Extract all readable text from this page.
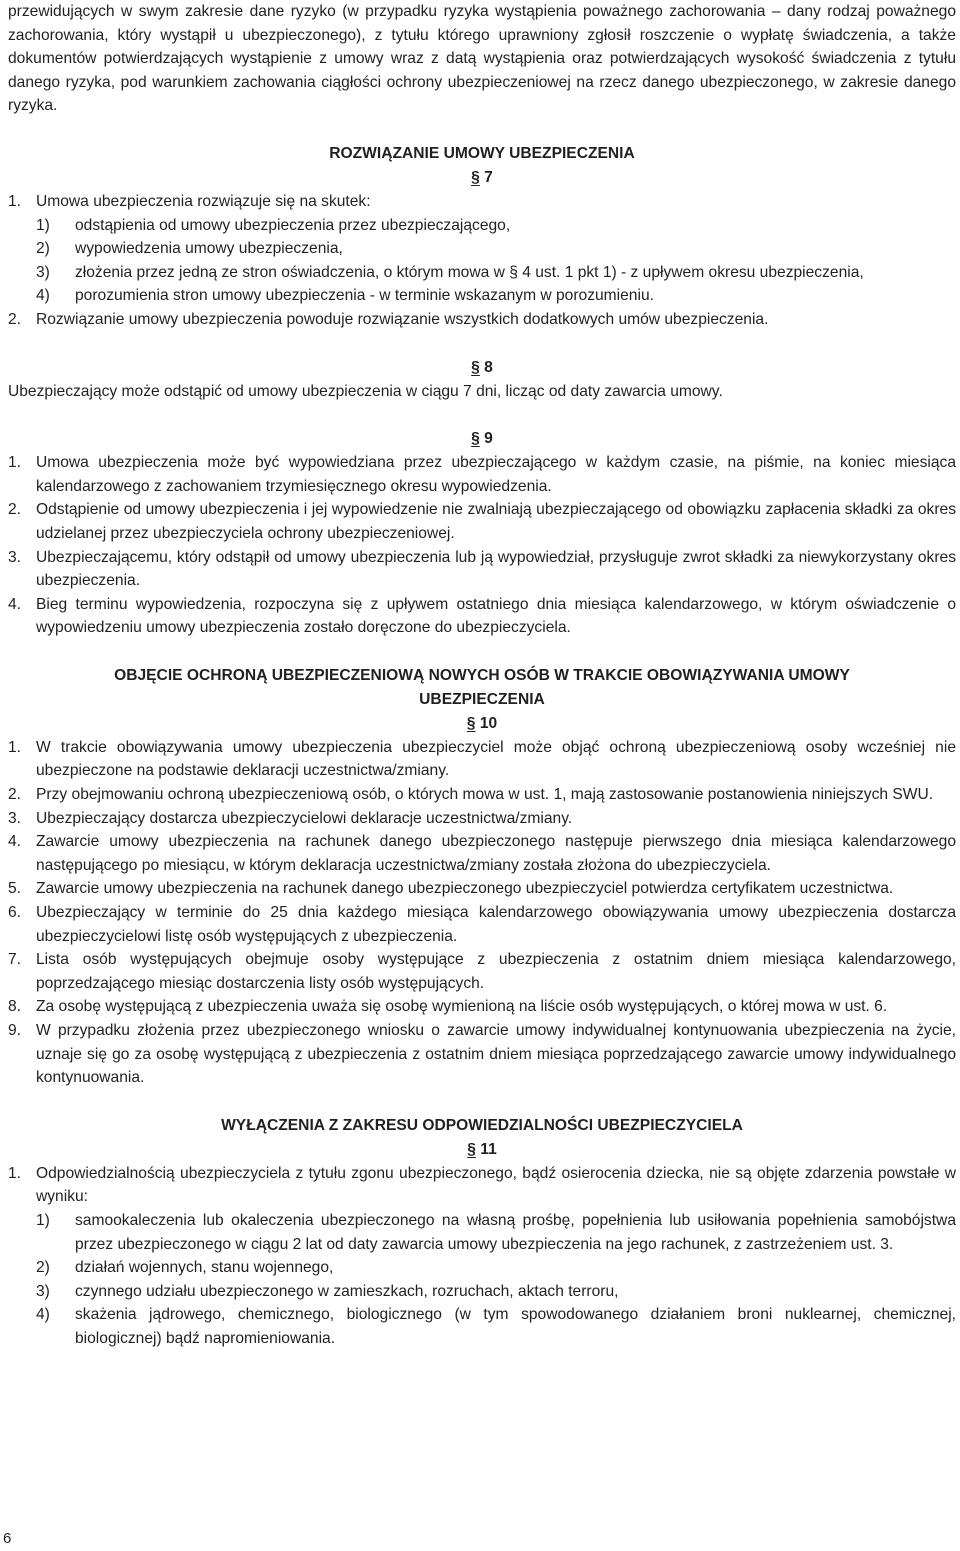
przewidujących w swym zakresie dane ryzyko (w przypadku ryzyka wystąpienia poważnego zachorowania – dany rodzaj poważnego zachorowania, który wystąpił u ubezpieczonego), z tytułu którego uprawniony zgłosił roszczenie o wypłatę świadczenia, a także dokumentów potwierdzających wystąpienie z umowy wraz z datą wystąpienia oraz potwierdzających wysokość świadczenia z tytułu danego ryzyka, pod warunkiem zachowania ciągłości ochrony ubezpieczeniowej na rzecz danego ubezpieczonego, w zakresie danego ryzyka.

ROZWIĄZANIE UMOWY UBEZPIECZENIA

§ 7

1. Umowa ubezpieczenia rozwiązuje się na skutek:
1)	odstąpienia od umowy ubezpieczenia przez ubezpieczającego,
2)	wypowiedzenia umowy ubezpieczenia,
3)	złożenia przez jedną ze stron oświadczenia, o którym mowa w § 4 ust. 1 pkt 1) - z upływem okresu ubezpieczenia,
4)	porozumienia stron umowy ubezpieczenia - w terminie wskazanym w porozumieniu.
2. Rozwiązanie umowy ubezpieczenia powoduje rozwiązanie wszystkich dodatkowych umów ubezpieczenia.

§ 8

Ubezpieczający może odstąpić od umowy ubezpieczenia w ciągu 7 dni, licząc od daty zawarcia umowy.

§ 9

1. Umowa ubezpieczenia może być wypowiedziana przez ubezpieczającego w każdym czasie, na piśmie, na koniec miesiąca kalendarzowego z zachowaniem trzymiesięcznego okresu wypowiedzenia.
2. Odstąpienie od umowy ubezpieczenia i jej wypowiedzenie nie zwalniają ubezpieczającego od obowiązku zapłacenia składki za okres udzielanej przez ubezpieczyciela ochrony ubezpieczeniowej.
3. Ubezpieczającemu, który odstąpił od umowy ubezpieczenia lub ją wypowiedział, przysługuje zwrot składki za niewykorzystany okres ubezpieczenia.
4. Bieg terminu wypowiedzenia, rozpoczyna się z upływem ostatniego dnia miesiąca kalendarzowego, w którym oświadczenie o wypowiedzeniu umowy ubezpieczenia zostało doręczone do ubezpieczyciela.

OBJĘCIE OCHRONĄ UBEZPIECZENIOWĄ NOWYCH OSÓB W TRAKCIE OBOWIĄZYWANIA UMOWY
UBEZPIECZENIA

§ 10

1. W trakcie obowiązywania umowy ubezpieczenia ubezpieczyciel może objąć ochroną ubezpieczeniową osoby wcześniej nie ubezpieczone na podstawie deklaracji uczestnictwa/zmiany.
2. Przy obejmowaniu ochroną ubezpieczeniową osób, o których mowa w ust. 1, mają zastosowanie postanowienia niniejszych SWU.
3. Ubezpieczający dostarcza ubezpieczycielowi deklaracje uczestnictwa/zmiany.
4. Zawarcie umowy ubezpieczenia na rachunek danego ubezpieczonego następuje pierwszego dnia miesiąca kalendarzowego następującego po miesiącu, w którym deklaracja uczestnictwa/zmiany została złożona do ubezpieczyciela.
5. Zawarcie umowy ubezpieczenia na rachunek danego ubezpieczonego ubezpieczyciel potwierdza certyfikatem uczestnictwa.
6. Ubezpieczający w terminie do 25 dnia każdego miesiąca kalendarzowego obowiązywania umowy ubezpieczenia dostarcza ubezpieczycielowi listę osób występujących z ubezpieczenia.
7. Lista osób występujących obejmuje osoby występujące z ubezpieczenia z ostatnim dniem miesiąca kalendarzowego, poprzedzającego miesiąc dostarczenia listy osób występujących.
8. Za osobę występującą z ubezpieczenia uważa się osobę wymienioną na liście osób występujących, o której mowa w ust. 6.
9. W przypadku złożenia przez ubezpieczonego wniosku o zawarcie umowy indywidualnej kontynuowania ubezpieczenia na życie, uznaje się go za osobę występującą z ubezpieczenia z ostatnim dniem miesiąca poprzedzającego zawarcie umowy indywidualnego kontynuowania.

WYŁĄCZENIA Z ZAKRESU ODPOWIEDZIALNOŚCI UBEZPIECZYCIELA

§ 11

1. Odpowiedzialnością ubezpieczyciela z tytułu zgonu ubezpieczonego, bądź osierocenia dziecka, nie są objęte zdarzenia powstałe w wyniku:
1)	samookaleczenia lub okaleczenia ubezpieczonego na własną prośbę, popełnienia lub usiłowania popełnienia samobójstwa przez ubezpieczonego w ciągu 2 lat od daty zawarcia umowy ubezpieczenia na jego rachunek, z zastrzeżeniem ust. 3.
2)	działań wojennych, stanu wojennego,
3)	czynnego udziału ubezpieczonego w zamieszkach, rozruchach, aktach terroru,
4)	skażenia jądrowego, chemicznego, biologicznego (w tym spowodowanego działaniem broni nuklearnej, chemicznej, biologicznej) bądź napromieniowania.
6
